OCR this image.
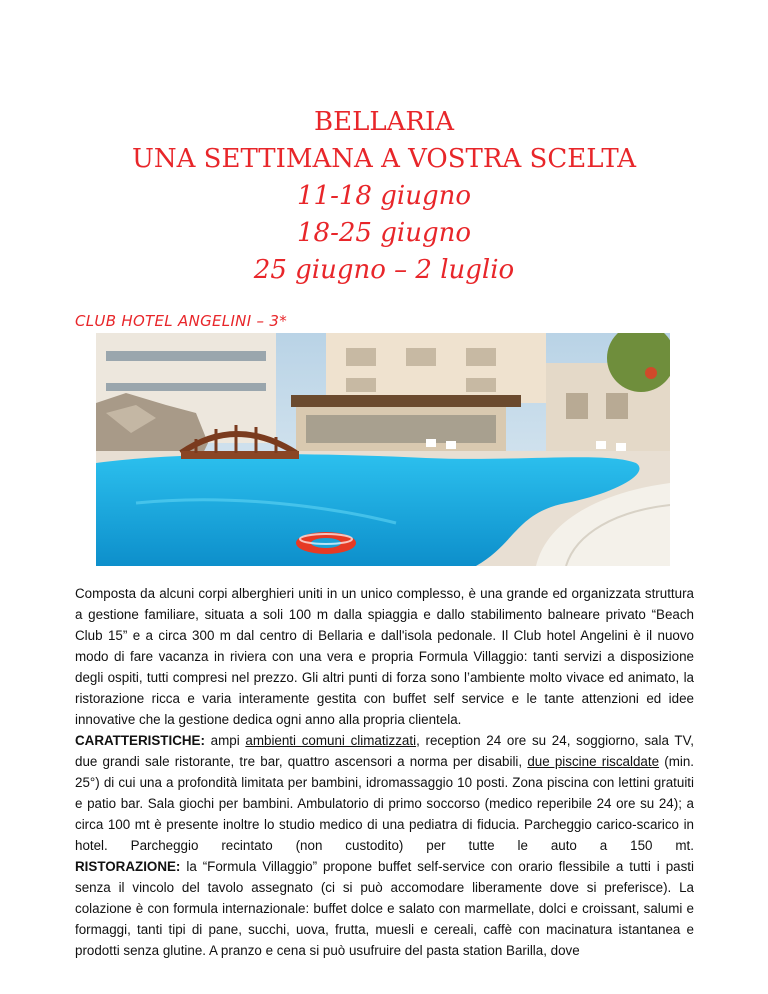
BELLARIA
UNA SETTIMANA A VOSTRA SCELTA
11-18 giugno
18-25 giugno
25 giugno – 2 luglio
CLUB HOTEL ANGELINI – 3*

Composta da alcuni corpi alberghieri uniti in un unico complesso, è una grande ed organizzata struttura a gestione familiare, situata a soli 100 m dalla spiaggia e dallo stabilimento balneare privato “Beach Club 15” e a circa 300 m dal centro di Bellaria e dall'isola pedonale. Il Club hotel Angelini è il nuovo modo di fare vacanza in riviera con una vera e propria Formula Villaggio: tanti servizi a disposizione degli ospiti, tutti compresi nel prezzo. Gli altri punti di forza sono l’ambiente molto vivace ed animato, la ristorazione ricca e varia interamente gestita con buffet self service e le tante attenzioni ed idee innovative che la gestione dedica ogni anno alla propria clientela.

CARATTERISTICHE: ampi ambienti comuni climatizzati, reception 24 ore su 24, soggiorno, sala TV, due grandi sale ristorante, tre bar, quattro ascensori a norma per disabili, due piscine riscaldate (min. 25°) di cui una a profondità limitata per bambini, idromassaggio 10 posti. Zona piscina con lettini gratuiti e patio bar. Sala giochi per bambini. Ambulatorio di primo soccorso (medico reperibile 24 ore su 24); a circa 100 mt è presente inoltre lo studio medico di una pediatra di fiducia. Parcheggio carico-scarico in hotel. Parcheggio recintato (non custodito) per tutte le auto a 150 mt.

RISTORAZIONE: la “Formula Villaggio” propone buffet self-service con orario flessibile a tutti i pasti senza il vincolo del tavolo assegnato (ci si può accomodare liberamente dove si preferisce). La colazione è con formula internazionale: buffet dolce e salato con marmellate, dolci e croissant, salumi e formaggi, tanti tipi di pane, succhi, uova, frutta, muesli e cereali, caffè con macinatura istantanea e prodotti senza glutine. A pranzo e cena si può usufruire del pasta station Barilla, dove
